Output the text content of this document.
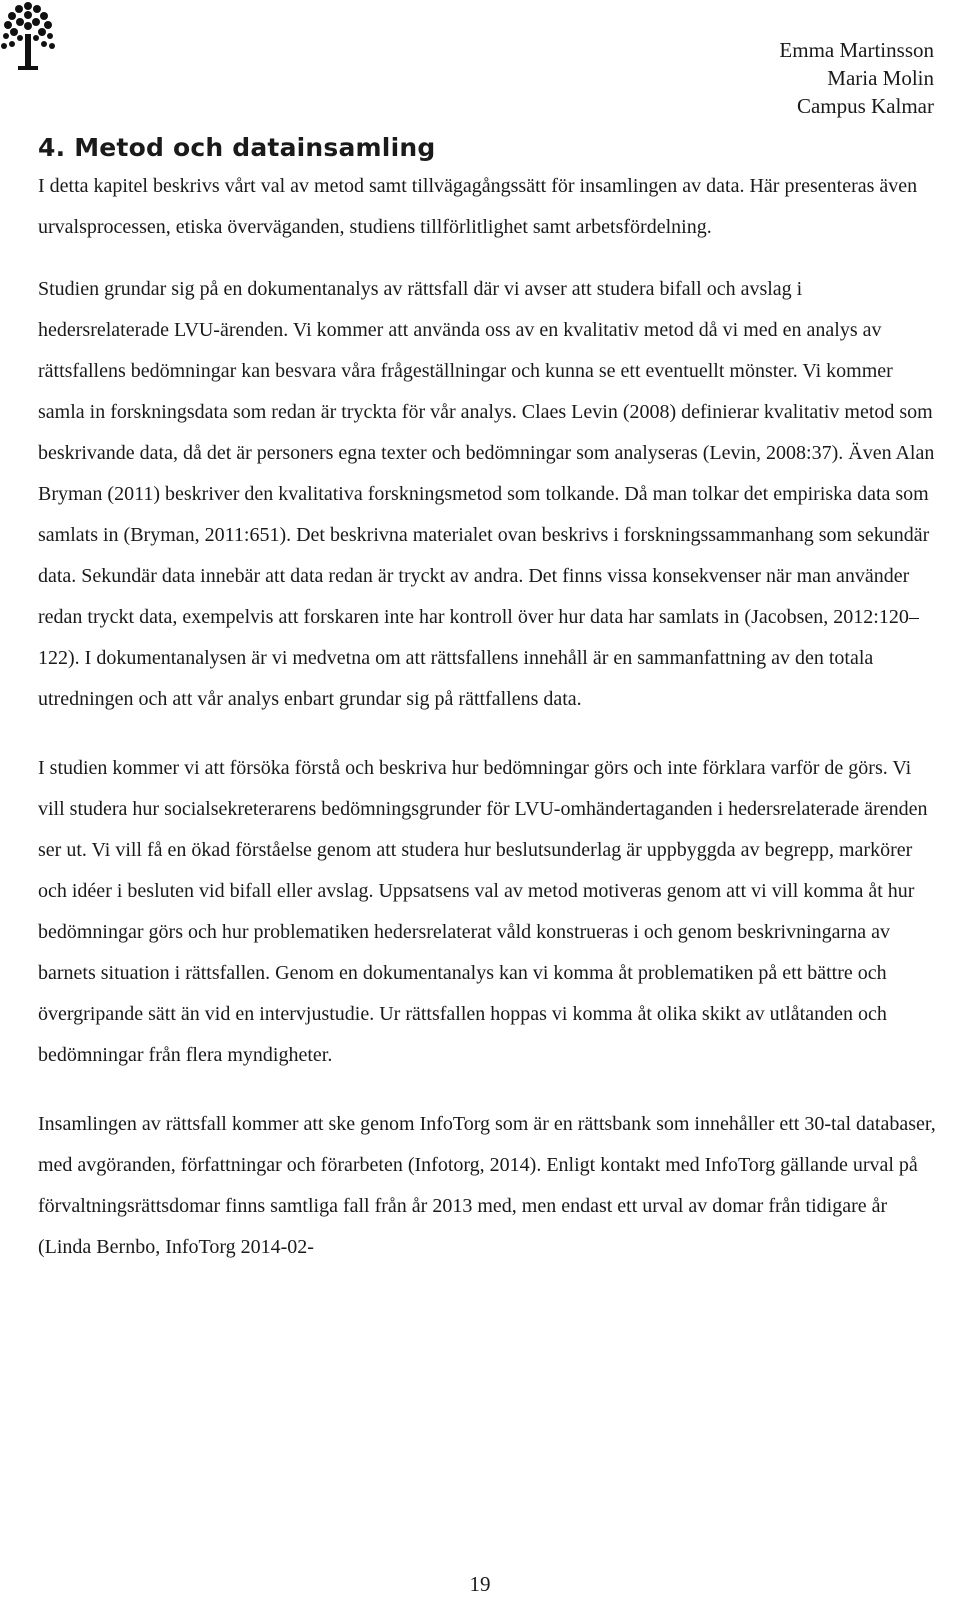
Emma Martinsson
Maria Molin
Campus Kalmar
4. Metod och datainsamling

I detta kapitel beskrivs vårt val av metod samt tillvägagångssätt för insamlingen av data. Här presenteras även urvalsprocessen, etiska överväganden, studiens tillförlitlighet samt arbetsfördelning.

Studien grundar sig på en dokumentanalys av rättsfall där vi avser att studera bifall och avslag i hedersrelaterade LVU-ärenden. Vi kommer att använda oss av en kvalitativ metod då vi med en analys av rättsfallens bedömningar kan besvara våra frågeställningar och kunna se ett eventuellt mönster. Vi kommer samla in forskningsdata som redan är tryckta för vår analys. Claes Levin (2008) definierar kvalitativ metod som beskrivande data, då det är personers egna texter och bedömningar som analyseras (Levin, 2008:37). Även Alan Bryman (2011) beskriver den kvalitativa forskningsmetod som tolkande. Då man tolkar det empiriska data som samlats in (Bryman, 2011:651). Det beskrivna materialet ovan beskrivs i forskningssammanhang som sekundär data. Sekundär data innebär att data redan är tryckt av andra. Det finns vissa konsekvenser när man använder redan tryckt data, exempelvis att forskaren inte har kontroll över hur data har samlats in (Jacobsen, 2012:120–122). I dokumentanalysen är vi medvetna om att rättsfallens innehåll är en sammanfattning av den totala utredningen och att vår analys enbart grundar sig på rättfallens data.

I studien kommer vi att försöka förstå och beskriva hur bedömningar görs och inte förklara varför de görs. Vi vill studera hur socialsekreterarens bedömningsgrunder för LVU-omhändertaganden i hedersrelaterade ärenden ser ut. Vi vill få en ökad förståelse genom att studera hur beslutsunderlag är uppbyggda av begrepp, markörer och idéer i besluten vid bifall eller avslag. Uppsatsens val av metod motiveras genom att vi vill komma åt hur bedömningar görs och hur problematiken hedersrelaterat våld konstrueras i och genom beskrivningarna av barnets situation i rättsfallen. Genom en dokumentanalys kan vi komma åt problematiken på ett bättre och övergripande sätt än vid en intervjustudie. Ur rättsfallen hoppas vi komma åt olika skikt av utlåtanden och bedömningar från flera myndigheter.

Insamlingen av rättsfall kommer att ske genom InfoTorg som är en rättsbank som innehåller ett 30-tal databaser, med avgöranden, författningar och förarbeten (Infotorg, 2014). Enligt kontakt med InfoTorg gällande urval på förvaltningsrättsdomar finns samtliga fall från år 2013 med, men endast ett urval av domar från tidigare år (Linda Bernbo, InfoTorg 2014-02-

19
